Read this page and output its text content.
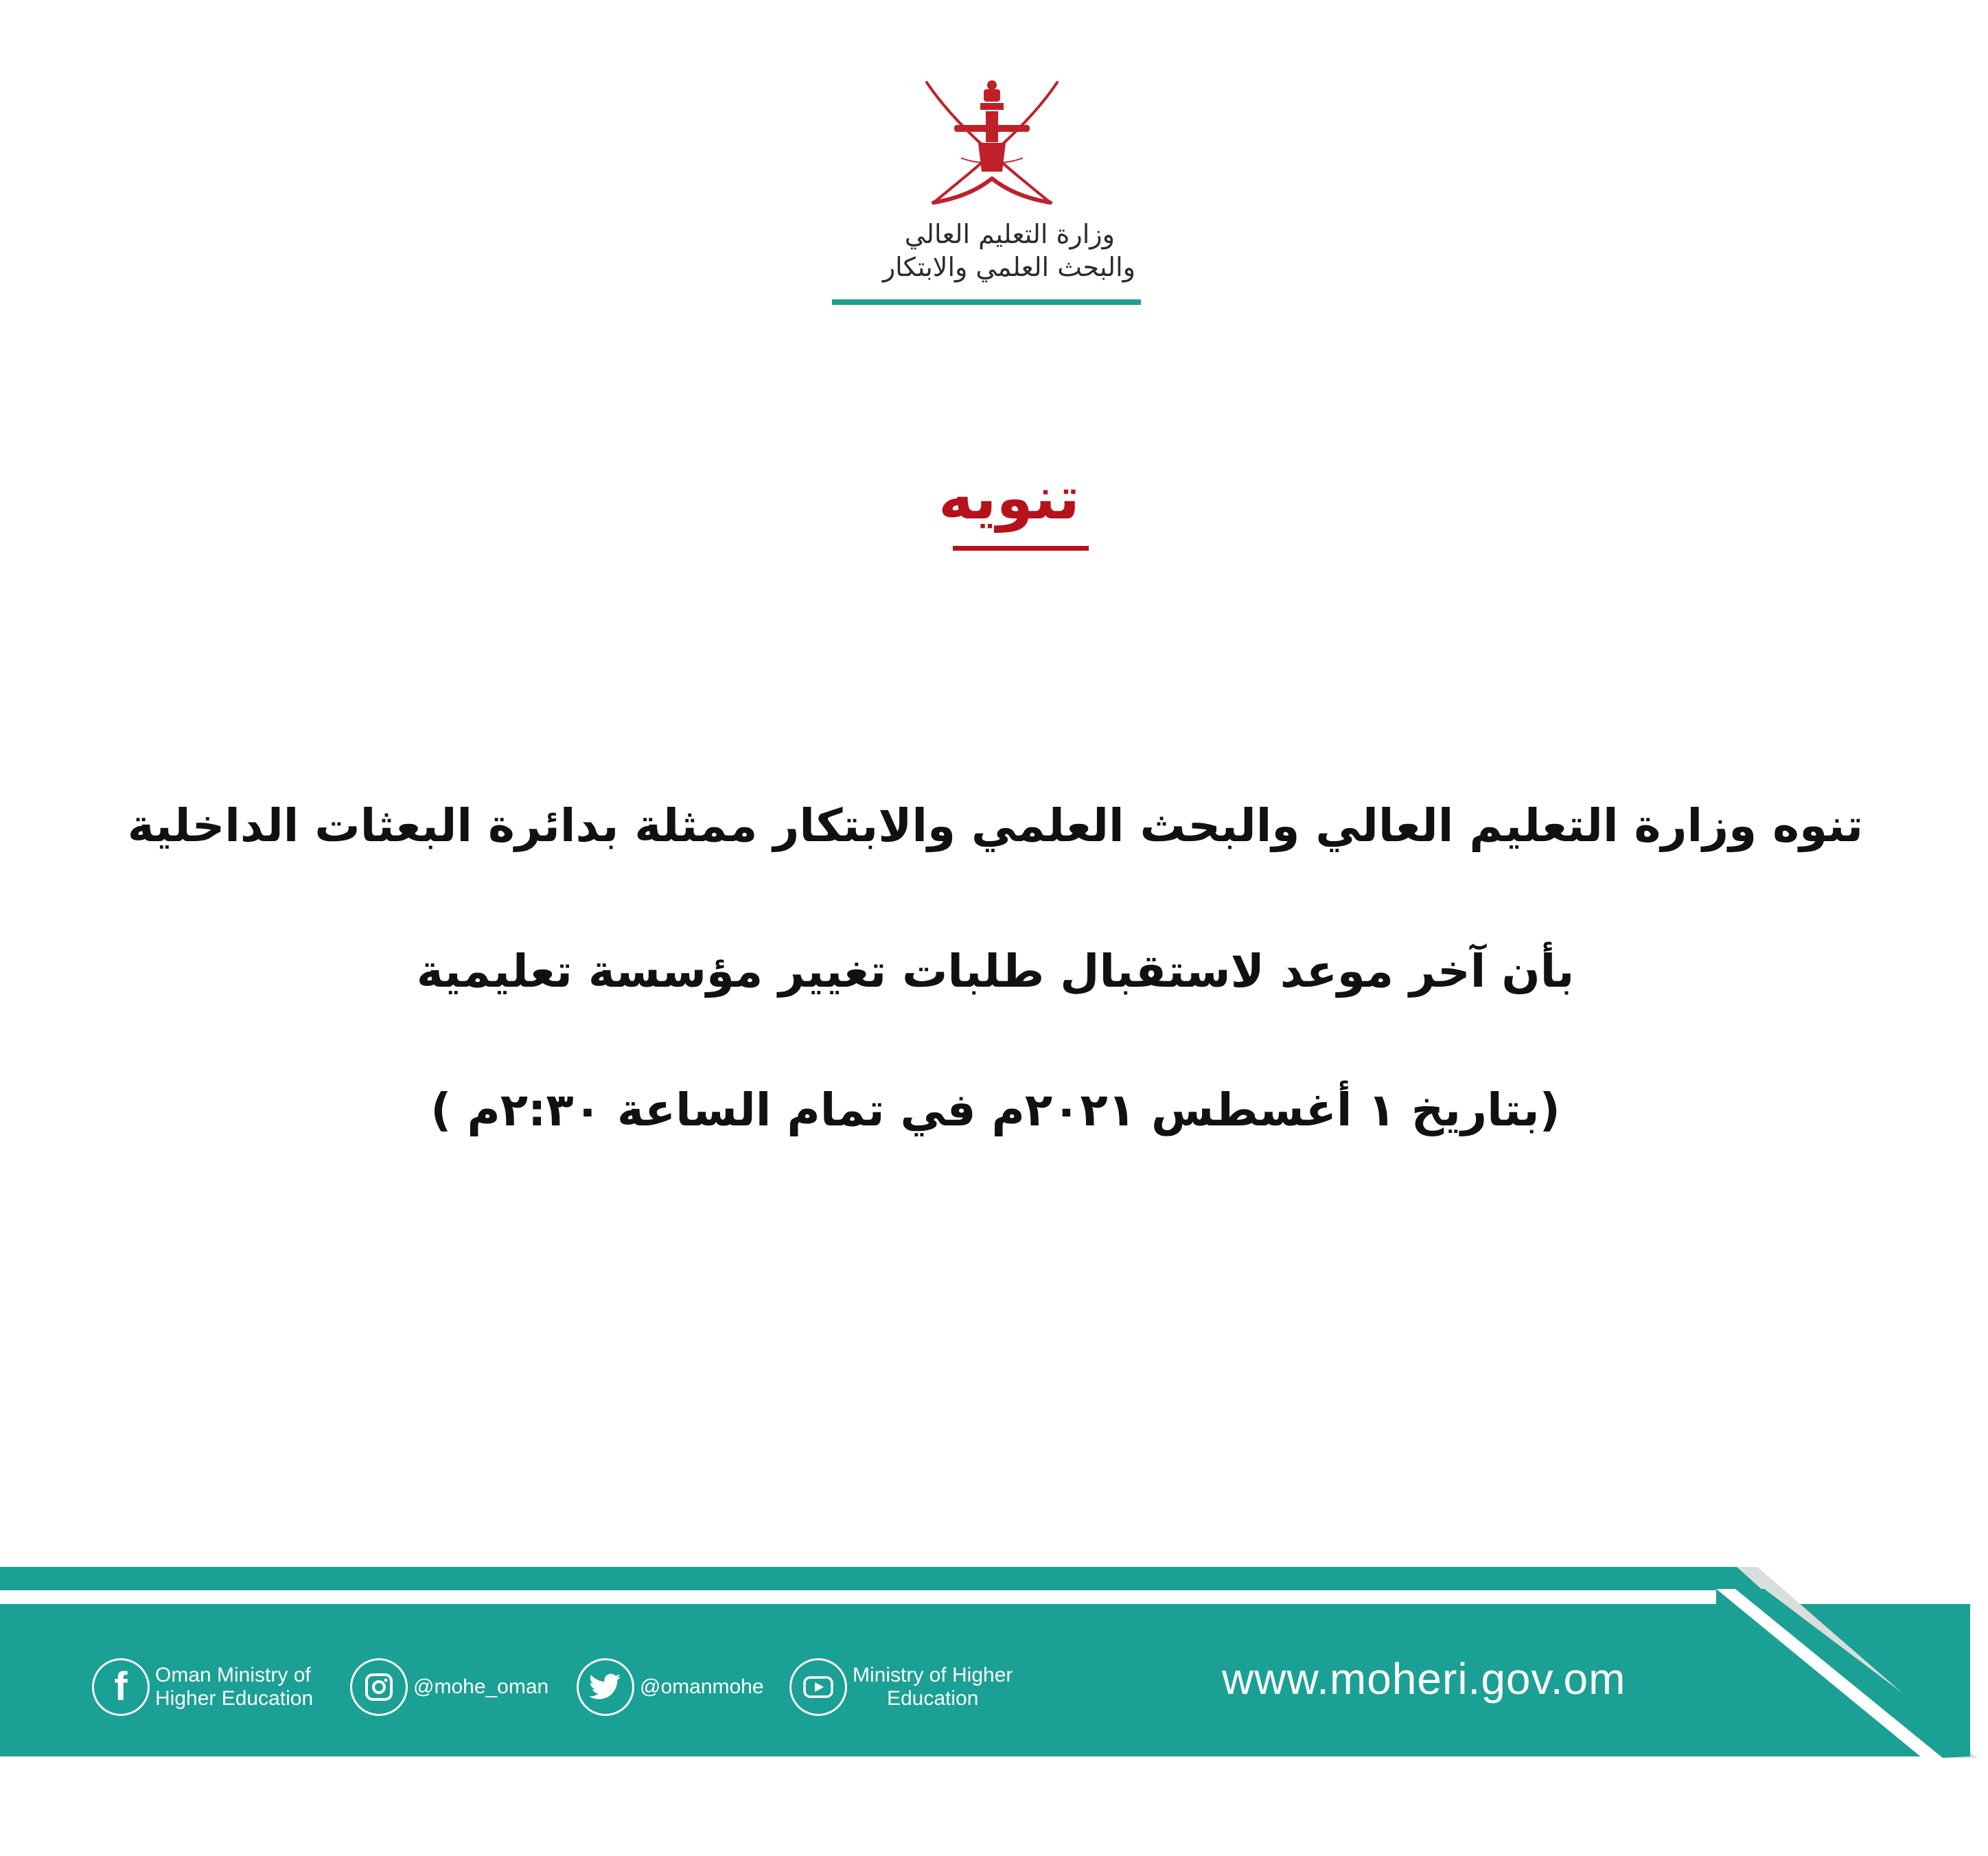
وزارة التعليم العالي
والبحث العلمي والابتكار
تنويه
تنوه وزارة التعليم العالي والبحث العلمي والابتكار ممثلة بدائرة البعثات الداخلية
بأن آخر موعد لاستقبال طلبات تغيير مؤسسة تعليمية
(بتاريخ ١ أغسطس ٢٠٢١م في تمام الساعة ٢:٣٠م )
f Oman Ministry of
Higher Education
@mohe_oman	@omanmohe
Ministry of Higher
Education	www.moheri.gov.om
